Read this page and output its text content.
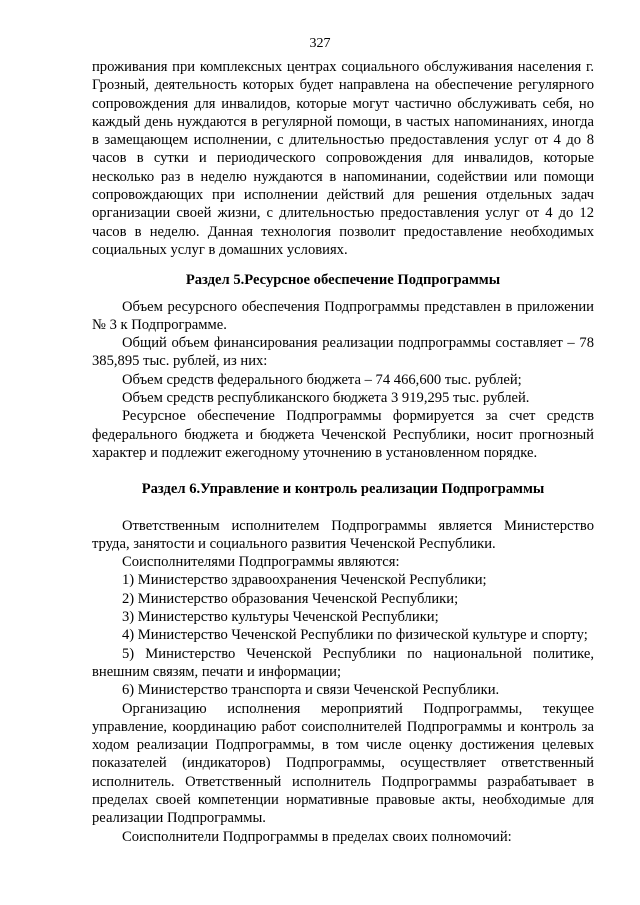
327

проживания при комплексных центрах социального обслуживания населения г. Грозный, деятельность которых будет направлена на обеспечение регулярного сопровождения для инвалидов, которые могут частично обслуживать себя, но каждый день нуждаются в регулярной помощи, в частых напоминаниях, иногда в замещающем исполнении, с длительностью предоставления услуг от 4 до 8 часов в сутки и периодического сопровождения для инвалидов, которые несколько раз в неделю нуждаются в напоминании, содействии или помощи сопровождающих при исполнении действий для решения отдельных задач организации своей жизни, с длительностью предоставления услуг от 4 до 12 часов в неделю. Данная технология позволит предоставление необходимых социальных услуг в домашних условиях.

Раздел 5.Ресурсное обеспечение Подпрограммы

Объем ресурсного обеспечения Подпрограммы представлен в приложении № 3 к Подпрограмме.

Общий объем финансирования реализации подпрограммы составляет – 78 385,895 тыс. рублей, из них:

Объем средств федерального бюджета – 74 466,600 тыс. рублей;

Объем средств республиканского бюджета 3 919,295 тыс. рублей.

Ресурсное обеспечение Подпрограммы формируется за счет средств федерального бюджета и бюджета Чеченской Республики, носит прогнозный характер и подлежит ежегодному уточнению в установленном порядке.

Раздел 6.Управление и контроль реализации Подпрограммы

Ответственным исполнителем Подпрограммы является Министерство труда, занятости и социального развития Чеченской Республики.

Соисполнителями Подпрограммы являются:

1) Министерство здравоохранения Чеченской Республики;

2) Министерство образования Чеченской Республики;

3) Министерство культуры Чеченской Республики;

4) Министерство Чеченской Республики по физической культуре и спорту;

5) Министерство Чеченской Республики по национальной политике, внешним связям, печати и информации;

6) Министерство транспорта и связи Чеченской Республики.

Организацию исполнения мероприятий Подпрограммы, текущее управление, координацию работ соисполнителей Подпрограммы и контроль за ходом реализации Подпрограммы, в том числе оценку достижения целевых показателей (индикаторов) Подпрограммы, осуществляет ответственный исполнитель. Ответственный исполнитель Подпрограммы разрабатывает в пределах своей компетенции нормативные правовые акты, необходимые для реализации Подпрограммы.

Соисполнители Подпрограммы в пределах своих полномочий:
